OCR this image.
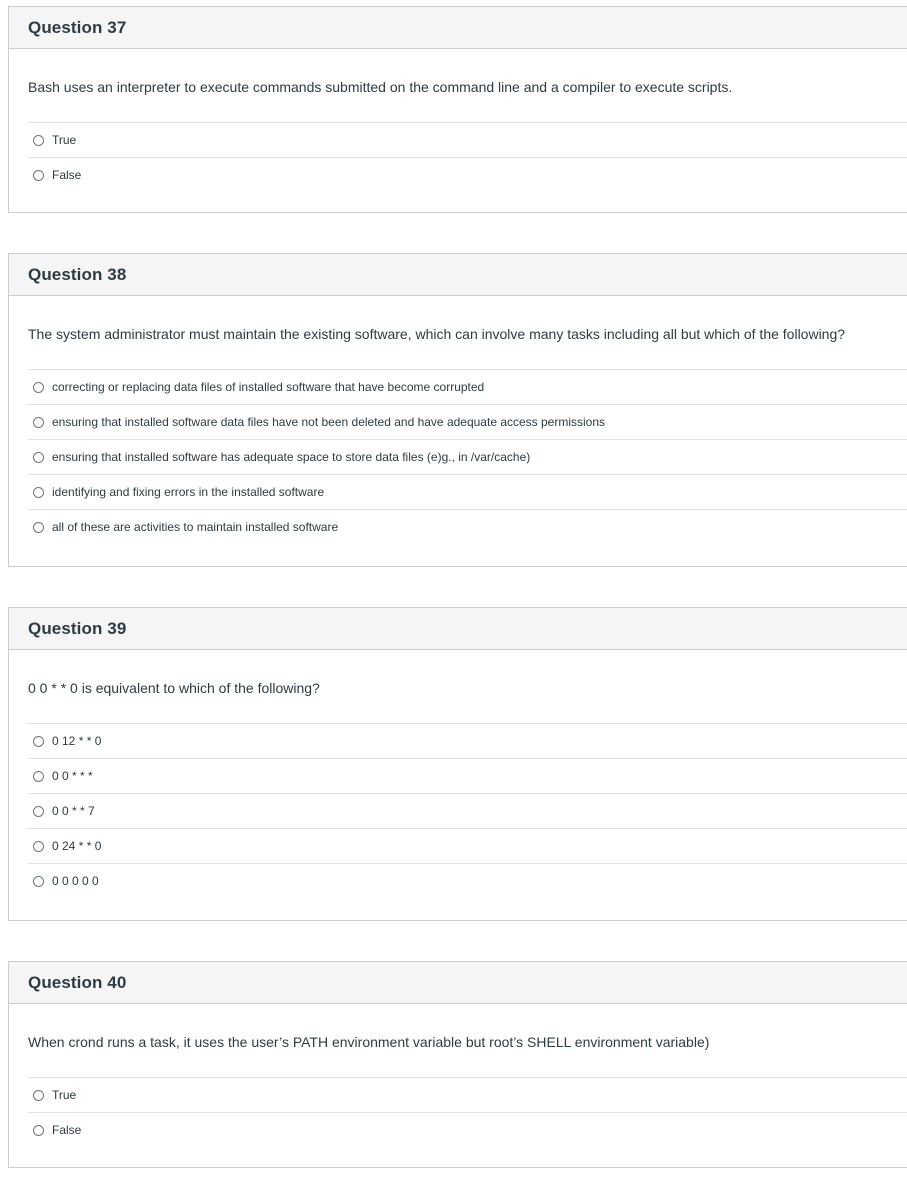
Question 37
Bash uses an interpreter to execute commands submitted on the command line and a compiler to execute scripts.
True
False
Question 38
The system administrator must maintain the existing software, which can involve many tasks including all but which of the following?
correcting or replacing data files of installed software that have become corrupted
ensuring that installed software data files have not been deleted and have adequate access permissions
ensuring that installed software has adequate space to store data files (e)g., in /var/cache)
identifying and fixing errors in the installed software
all of these are activities to maintain installed software
Question 39
0 0 * * 0 is equivalent to which of the following?
0 12 * * 0
0 0 * * *
0 0 * * 7
0 24 * * 0
0 0 0 0 0
Question 40
When crond runs a task, it uses the user’s PATH environment variable but root’s SHELL environment variable)
True
False
